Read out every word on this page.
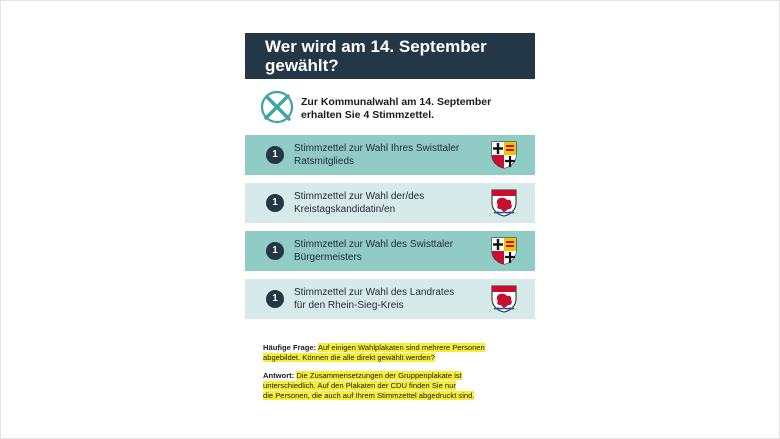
Wer wird am 14. September
gewählt?
Zur Kommunalwahl am 14. September
erhalten Sie 4 Stimmzettel.
1
Stimmzettel zur Wahl Ihres Swisttaler
Ratsmitglieds
1
Stimmzettel zur Wahl der/des
Kreistagskandidatin/en
1
Stimmzettel zur Wahl des Swisttaler
Bürgermeisters
1
Stimmzettel zur Wahl des Landrates
für den Rhein-Sieg-Kreis

Häufige Frage: Auf einigen Wahlplakaten sind mehrere Personen
abgebildet. Können die alle direkt gewählt werden?

Antwort: Die Zusammensetzungen der Gruppenplakate ist
unterschiedlich. Auf den Plakaten der CDU finden Sie nur
die Personen, die auch auf Ihrem Stimmzettel abgedruckt sind.
